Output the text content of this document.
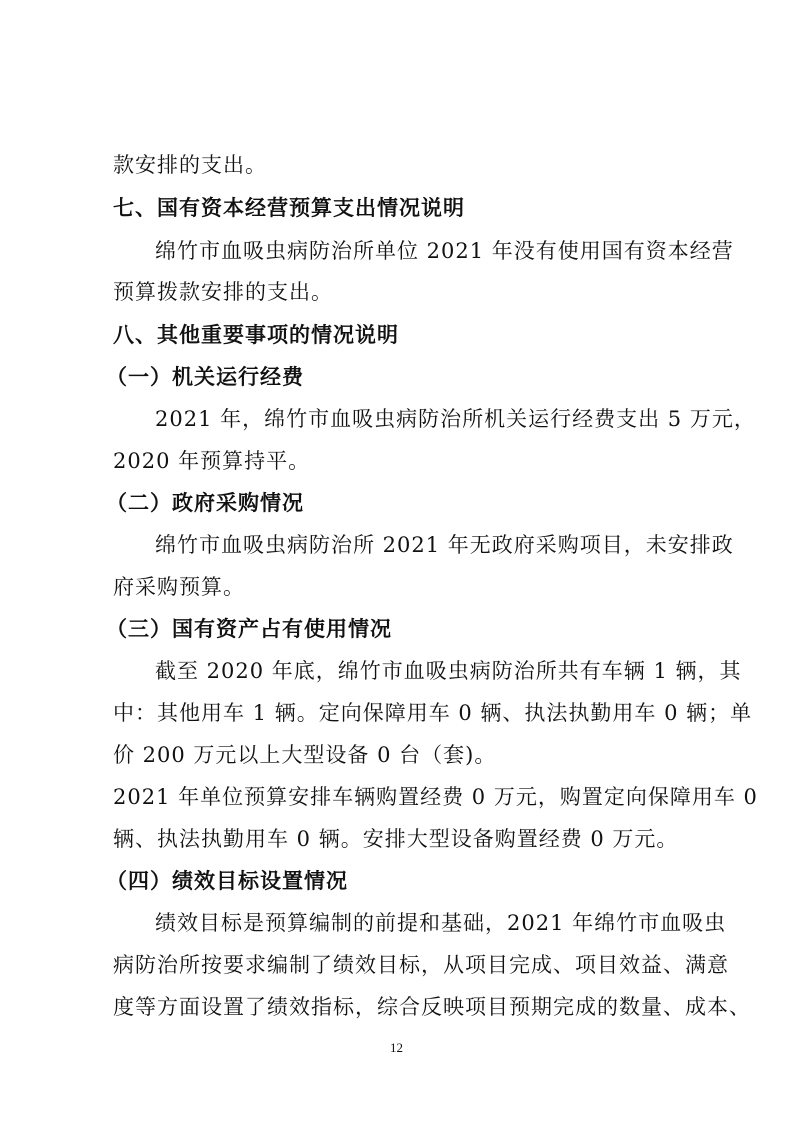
款安排的支出。
七、国有资本经营预算支出情况说明
绵竹市血吸虫病防治所单位 2021 年没有使用国有资本经营
预算拨款安排的支出。
八、其他重要事项的情况说明
（一）机关运行经费
2021 年，绵竹市血吸虫病防治所机关运行经费支出 5 万元，
2020 年预算持平。
（二）政府采购情况
绵竹市血吸虫病防治所 2021 年无政府采购项目，未安排政
府采购预算。
（三）国有资产占有使用情况
截至 2020 年底，绵竹市血吸虫病防治所共有车辆 1 辆，其
中：其他用车 1 辆。定向保障用车 0 辆、执法执勤用车 0 辆；单
价 200 万元以上大型设备 0 台（套)。
2021 年单位预算安排车辆购置经费 0 万元，购置定向保障用车 0
辆、执法执勤用车 0 辆。安排大型设备购置经费 0 万元。
（四）绩效目标设置情况
绩效目标是预算编制的前提和基础，2021 年绵竹市血吸虫
病防治所按要求编制了绩效目标，从项目完成、项目效益、满意
度等方面设置了绩效指标，综合反映项目预期完成的数量、成本、
12
